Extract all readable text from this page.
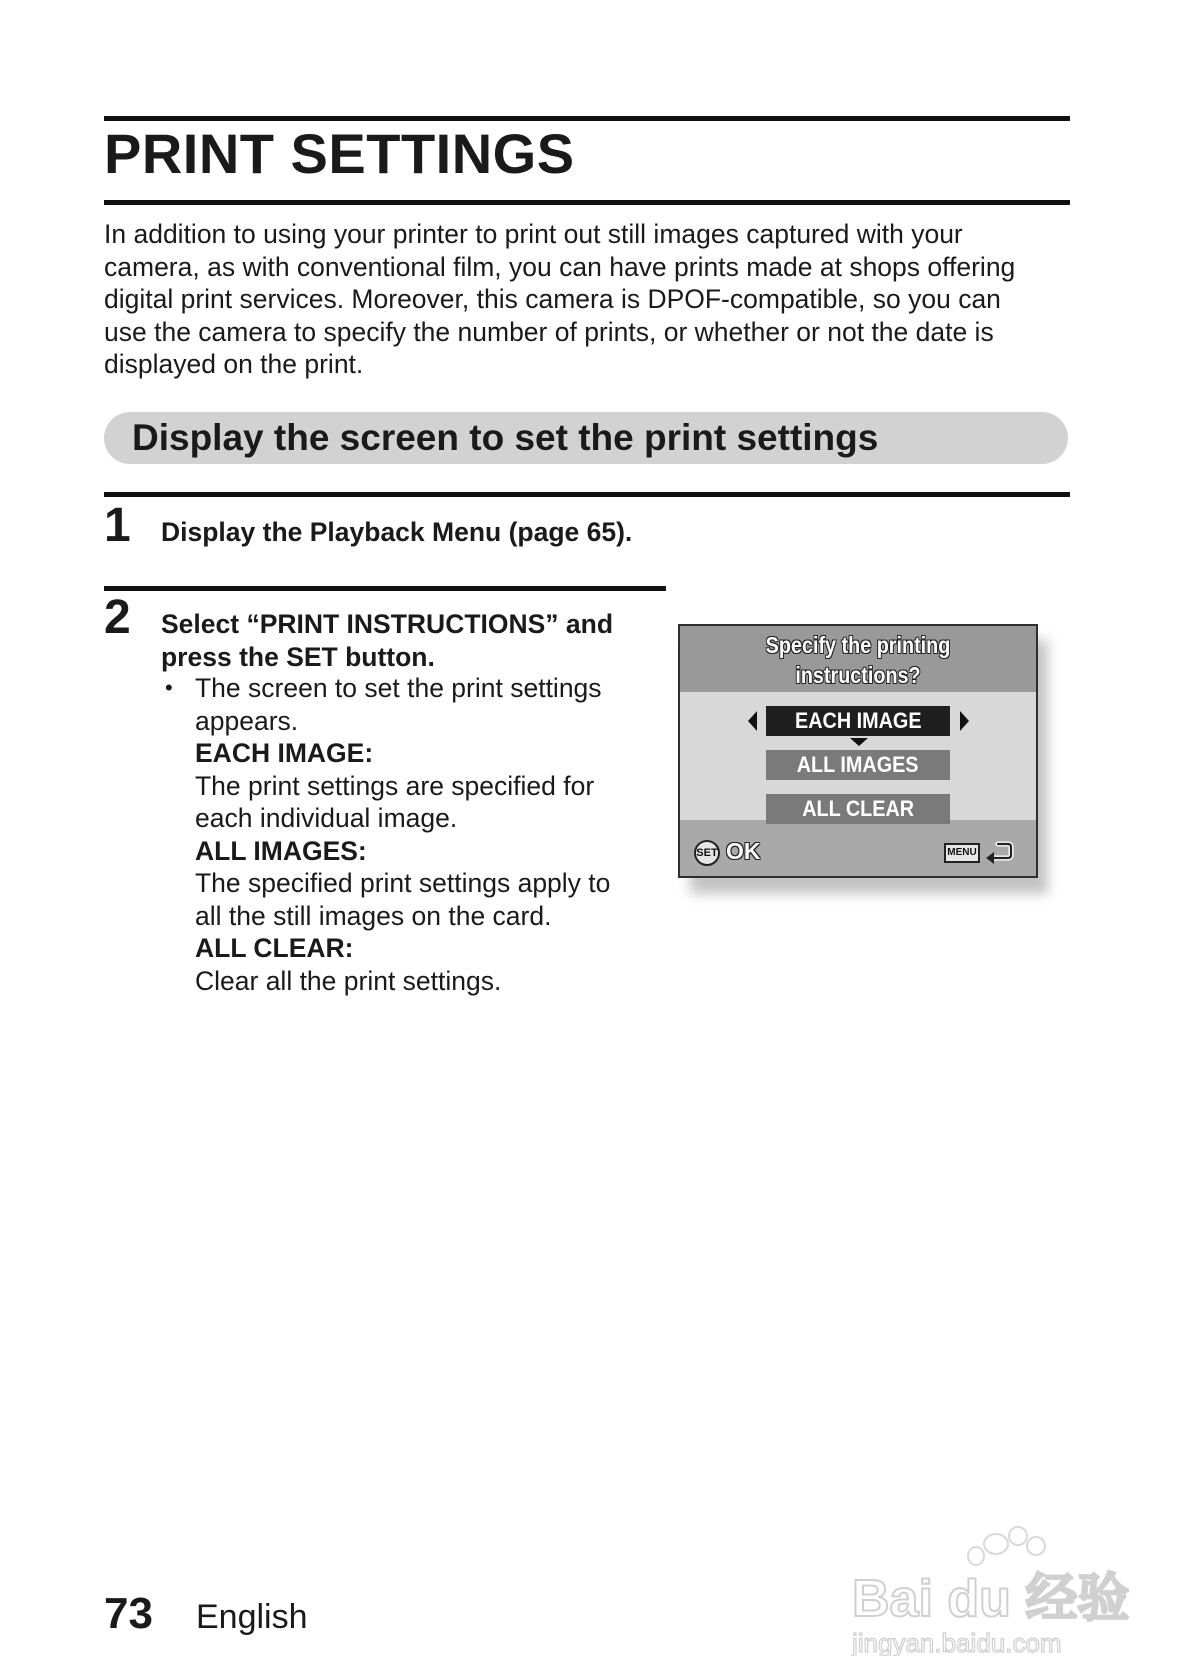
PRINT SETTINGS
In addition to using your printer to print out still images captured with your
camera, as with conventional film, you can have prints made at shops offering
digital print services. Moreover, this camera is DPOF-compatible, so you can
use the camera to specify the number of prints, or whether or not the date is
displayed on the print.
Display the screen to set the print settings
1 Display the Playback Menu (page 65).

2 Select “PRINT INSTRUCTIONS” and
press the SET button.
• The screen to set the print settings
appears.
EACH IMAGE:
The print settings are specified for
each individual image.
ALL IMAGES:
The specified print settings apply to
all the still images on the card.
ALL CLEAR:
Clear all the print settings.
Specify the printing
instructions?
EACH IMAGE
ALL IMAGES
ALL CLEAR
SET OK	MENU
73 English	Bai du 经验
jingyan.baidu.com
